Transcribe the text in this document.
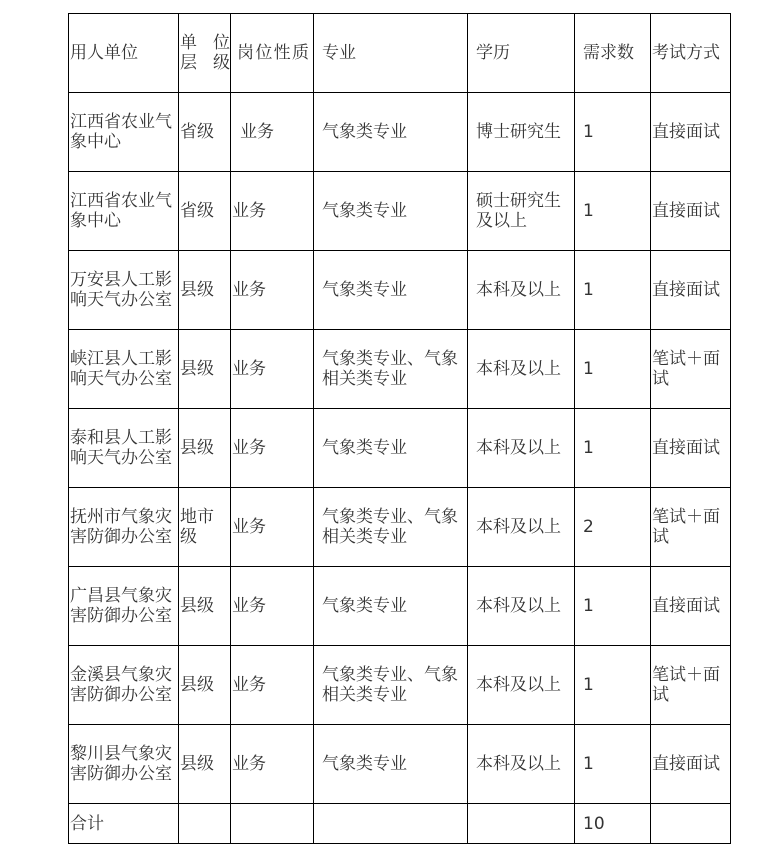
用人单位	单位层级	岗位性质	专业	学历	需求数	考试方式
江西省农业气象中心	省级	业务	气象类专业	博士研究生	1	直接面试
江西省农业气象中心	省级	业务	气象类专业	硕士研究生及以上	1	直接面试
万安县人工影响天气办公室	县级	业务	气象类专业	本科及以上	1	直接面试
峡江县人工影响天气办公室	县级	业务	气象类专业、气象相关类专业	本科及以上	1	笔试＋面试
泰和县人工影响天气办公室	县级	业务	气象类专业	本科及以上	1	直接面试
抚州市气象灾害防御办公室	地市级	业务	气象类专业、气象相关类专业	本科及以上	2	笔试＋面试
广昌县气象灾害防御办公室	县级	业务	气象类专业	本科及以上	1	直接面试
金溪县气象灾害防御办公室	县级	业务	气象类专业、气象相关类专业	本科及以上	1	笔试＋面试
黎川县气象灾害防御办公室	县级	业务	气象类专业	本科及以上	1	直接面试
合计					10	
